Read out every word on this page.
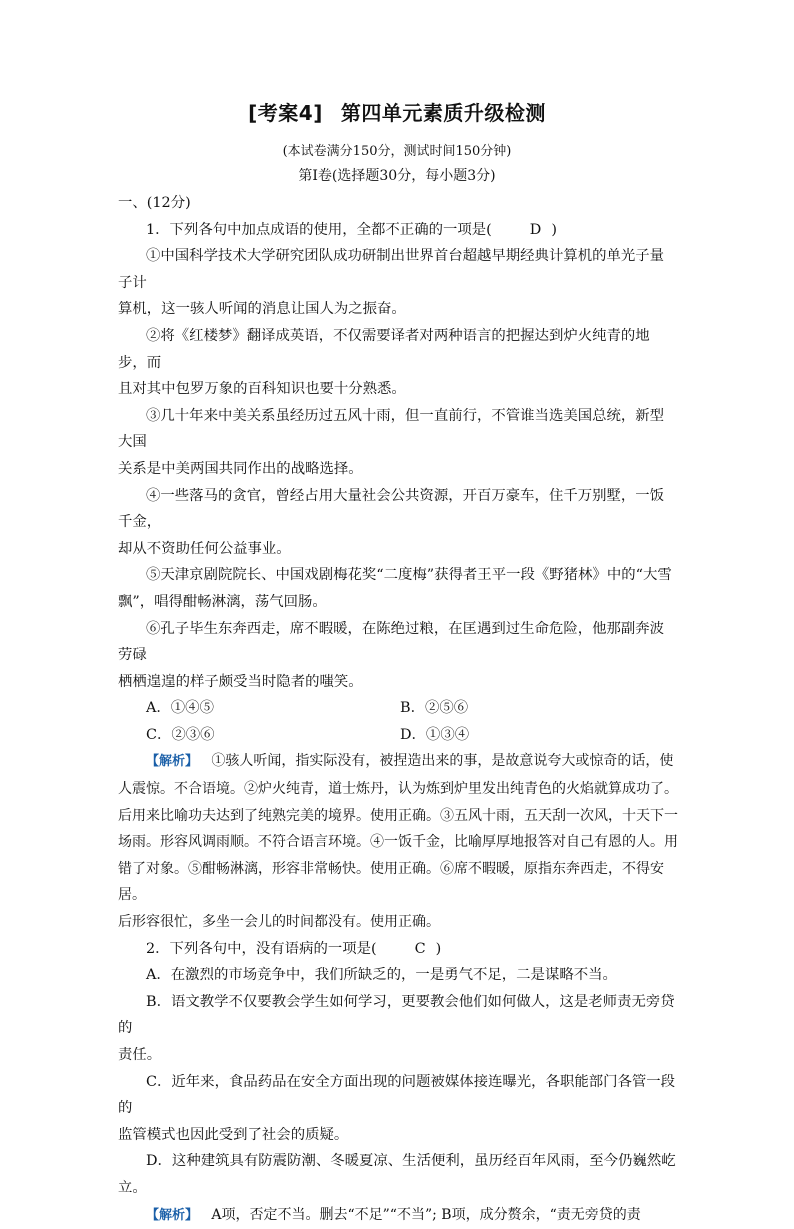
[考案4] 第四单元素质升级检测
(本试卷满分150分，测试时间150分钟)
第Ⅰ卷(选择题30分，每小题3分)

一、(12分)

1．下列各句中加点成语的使用，全都不正确的一项是(	D )

①中国科学技术大学研究团队成功研制出世界首台超越早期经典计算机的单光子量子计

算机，这一骇人听闻的消息让国人为之振奋。

②将《红楼梦》翻译成英语，不仅需要译者对两种语言的把握达到炉火纯青的地步，而

且对其中包罗万象的百科知识也要十分熟悉。

③几十年来中美关系虽经历过五风十雨，但一直前行，不管谁当选美国总统，新型大国

关系是中美两国共同作出的战略选择。

④一些落马的贪官，曾经占用大量社会公共资源，开百万豪车，住千万别墅，一饭千金，

却从不资助任何公益事业。

⑤天津京剧院院长、中国戏剧梅花奖“二度梅”获得者王平一段《野猪林》中的“大雪

飘”，唱得酣畅淋漓，荡气回肠。

⑥孔子毕生东奔西走，席不暇暖，在陈绝过粮，在匡遇到过生命危险，他那副奔波劳碌

栖栖遑遑的样子颇受当时隐者的嗤笑。

A．①④⑤	B．②⑤⑥
C．②③⑥	D．①③④

【解析】 ①骇人听闻，指实际没有，被捏造出来的事，是故意说夸大或惊奇的话，使

人震惊。不合语境。②炉火纯青，道士炼丹，认为炼到炉里发出纯青色的火焰就算成功了。

后用来比喻功夫达到了纯熟完美的境界。使用正确。③五风十雨，五天刮一次风，十天下一

场雨。形容风调雨顺。不符合语言环境。④一饭千金，比喻厚厚地报答对自己有恩的人。用

错了对象。⑤酣畅淋漓，形容非常畅快。使用正确。⑥席不暇暖，原指东奔西走，不得安居。

后形容很忙，多坐一会儿的时间都没有。使用正确。

2．下列各句中，没有语病的一项是(	C )

A．在激烈的市场竞争中，我们所缺乏的，一是勇气不足，二是谋略不当。

B．语文教学不仅要教会学生如何学习，更要教会他们如何做人，这是老师责无旁贷的

责任。

C．近年来，食品药品在安全方面出现的问题被媒体接连曝光，各职能部门各管一段的

监管模式也因此受到了社会的质疑。

D．这种建筑具有防震防潮、冬暖夏凉、生活便利，虽历经百年风雨，至今仍巍然屹立。

【解析】 A项，否定不当。删去“不足”“不当”; B项，成分赘余，“责无旁贷的责
